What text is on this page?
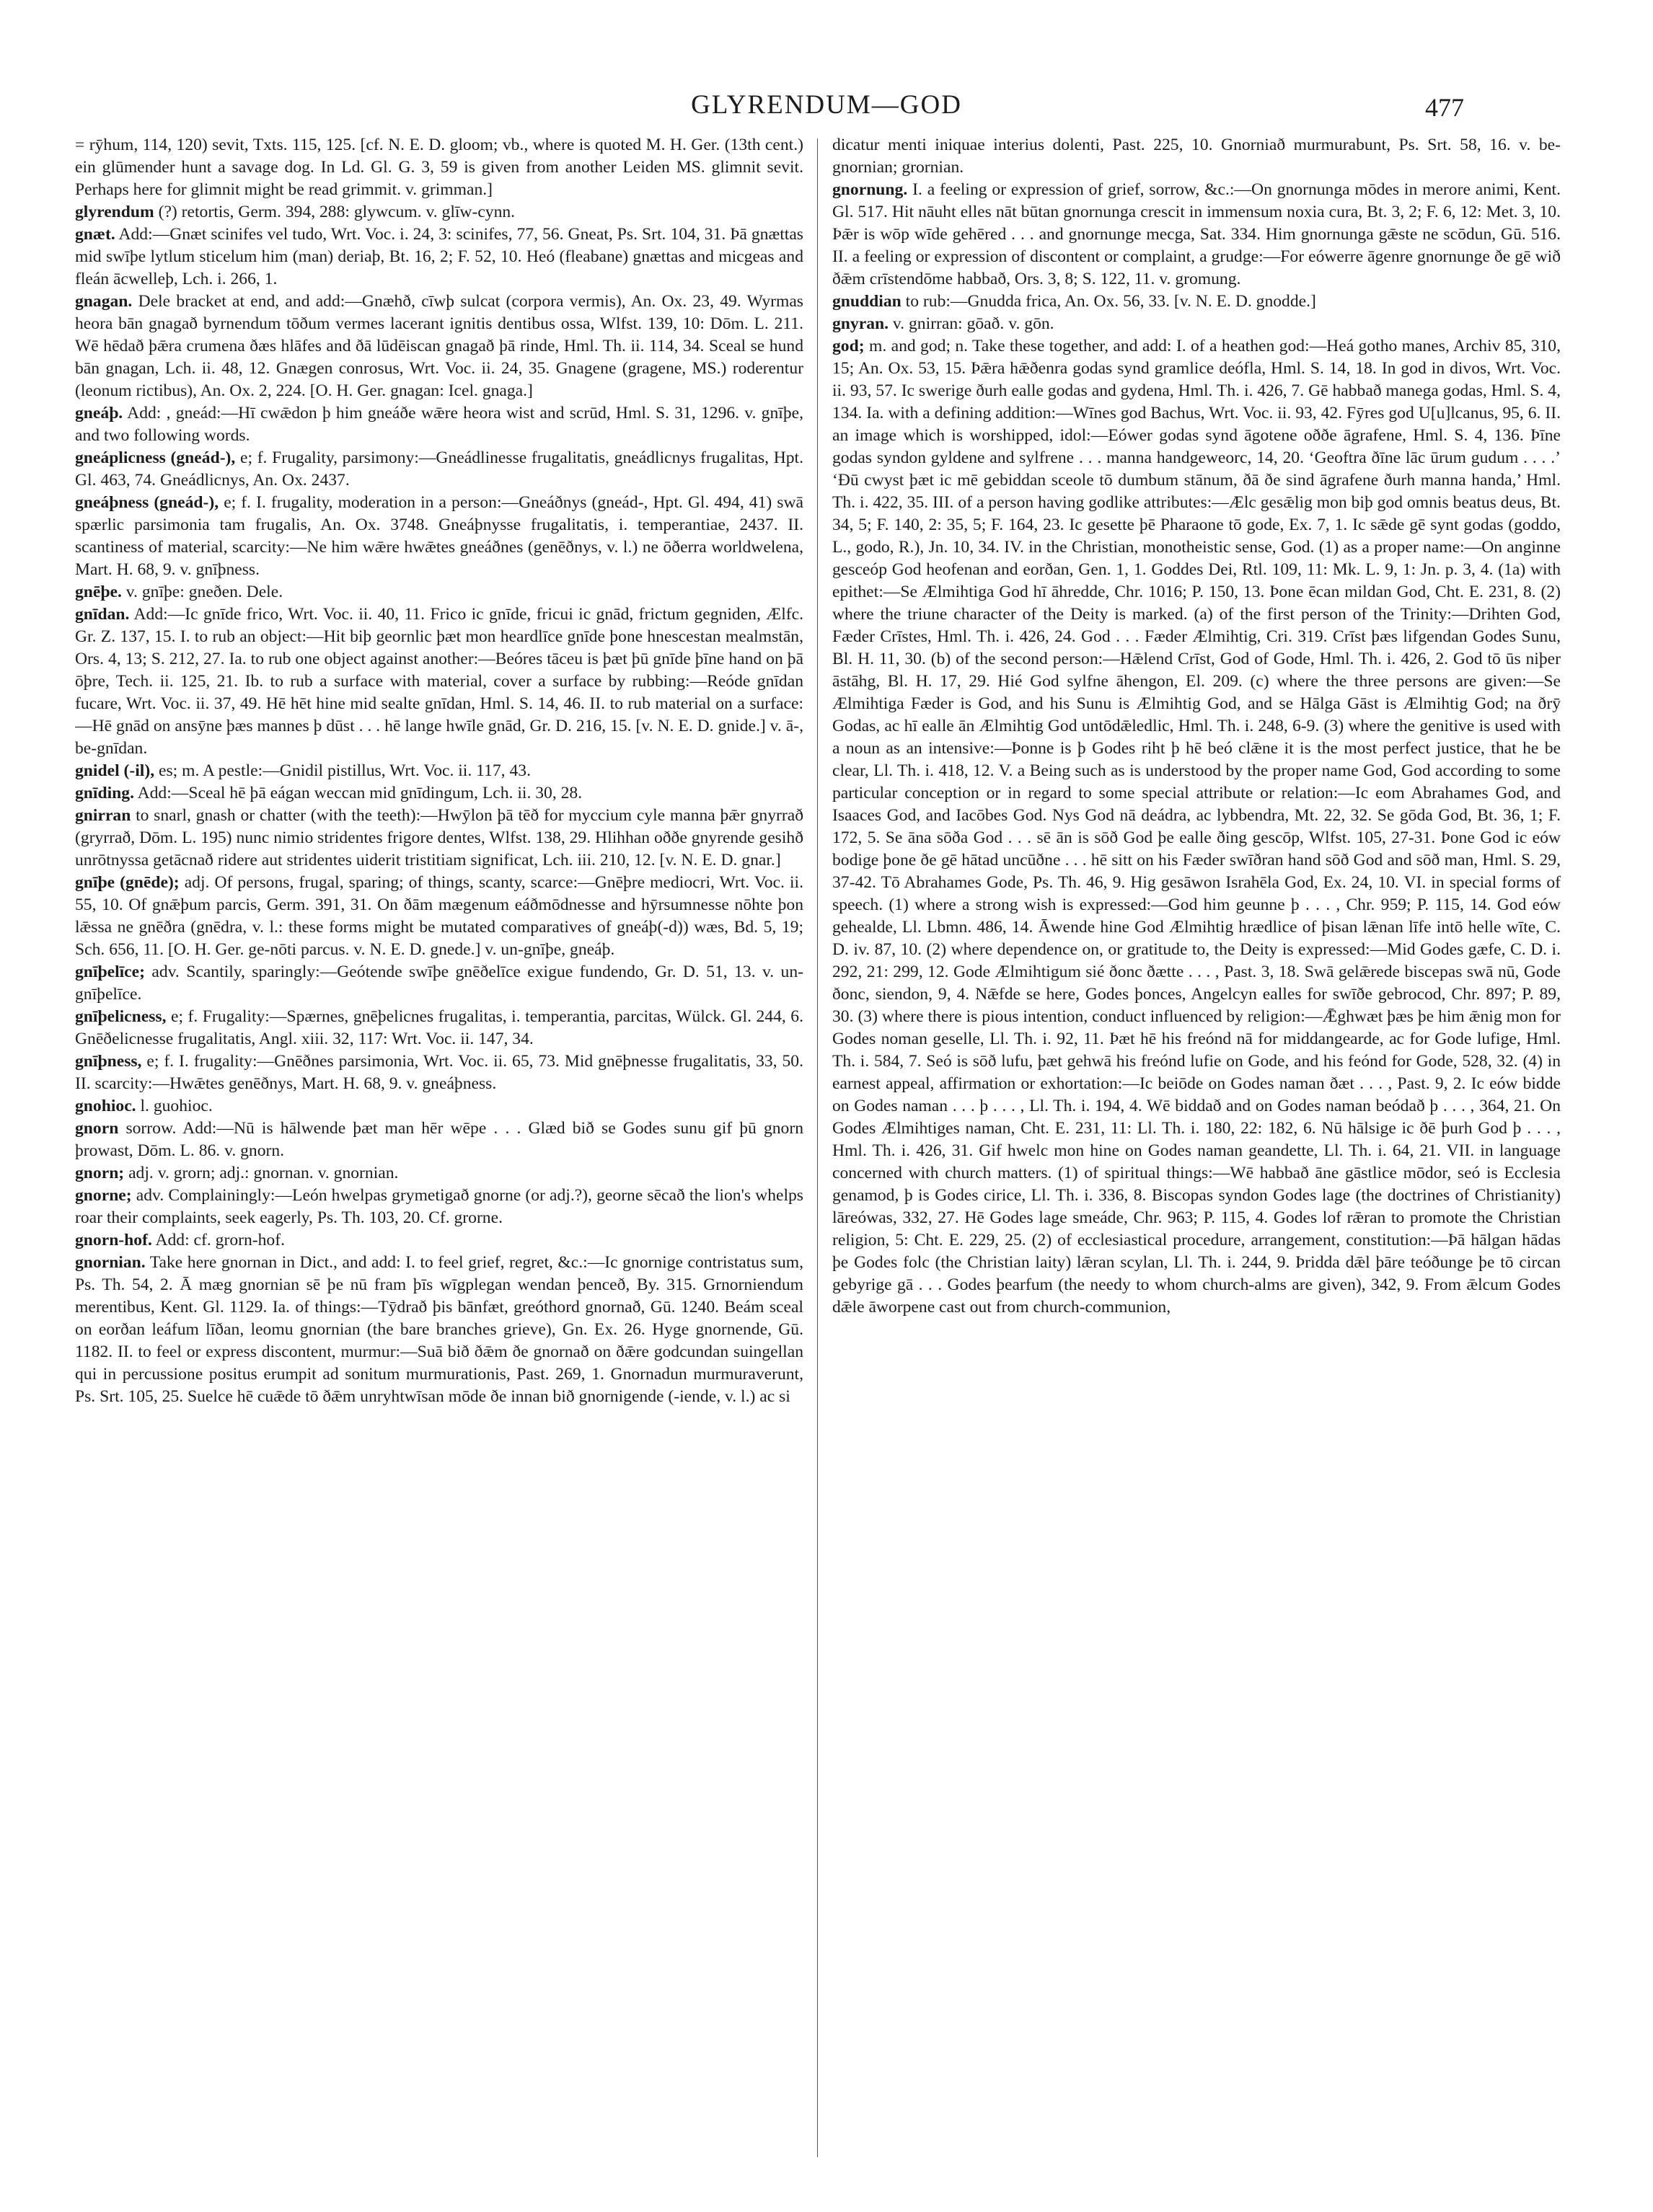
GLYRENDUM—GOD	477

= rȳhum, 114, 120) sevit, Txts. 115, 125. [cf. N. E. D. gloom; vb., where is quoted M. H. Ger. (13th cent.) ein glūmender hunt a savage dog. In Ld. Gl. G. 3, 59 is given from another Leiden MS. glimnit sevit. Perhaps here for glimnit might be read grimmit. v. grimman.]

glyrendum (?) retortis, Germ. 394, 288: glywcum. v. glīw-cynn.

gnæt. Add:—Gnæt scinifes vel tudo, Wrt. Voc. i. 24, 3: scinifes, 77, 56. Gneat, Ps. Srt. 104, 31. Þā gnættas mid swīþe lytlum sticelum him (man) deriaþ, Bt. 16, 2; F. 52, 10. Heó (fleabane) gnættas and micgeas and fleán ācwelleþ, Lch. i. 266, 1.

gnagan. Dele bracket at end, and add:—Gnæhð, cīwþ sulcat (corpora vermis), An. Ox. 23, 49. Wyrmas heora bān gnagað byrnendum tōðum vermes lacerant ignitis dentibus ossa, Wlfst. 139, 10: Dōm. L. 211. Wē hēdað þǣra crumena ðæs hlāfes and ðā lūdēiscan gnagað þā rinde, Hml. Th. ii. 114, 34. Sceal se hund bān gnagan, Lch. ii. 48, 12. Gnægen conrosus, Wrt. Voc. ii. 24, 35. Gnagene (gragene, MS.) roderentur (leonum rictibus), An. Ox. 2, 224. [O. H. Ger. gnagan: Icel. gnaga.]

gneáþ. Add: , gneád:—Hī cwǣdon þ him gneáðe wǣre heora wist and scrūd, Hml. S. 31, 1296. v. gnīþe, and two following words.

gneáplicness (gneád-), e; f. Frugality, parsimony:—Gneádlinesse frugalitatis, gneádlicnys frugalitas, Hpt. Gl. 463, 74. Gneádlicnys, An. Ox. 2437.

gneáþness (gneád-), e; f. I. frugality, moderation in a person:—Gneáðnys (gneád-, Hpt. Gl. 494, 41) swā spærlic parsimonia tam frugalis, An. Ox. 3748. Gneáþnysse frugalitatis, i. temperantiae, 2437. II. scantiness of material, scarcity:—Ne him wǣre hwǣtes gneáðnes (genēðnys, v. l.) ne ōðerra worldwelena, Mart. H. 68, 9. v. gnīþness.

gnēþe. v. gnīþe: gneðen. Dele.

gnīdan. Add:—Ic gnīde frico, Wrt. Voc. ii. 40, 11. Frico ic gnīde, fricui ic gnād, frictum gegniden, Ælfc. Gr. Z. 137, 15. I. to rub an object:—Hit biþ geornlic þæt mon heardlīce gnīde þone hnescestan mealmstān, Ors. 4, 13; S. 212, 27. Ia. to rub one object against another:—Beóres tāceu is þæt þū gnīde þīne hand on þā ōþre, Tech. ii. 125, 21. Ib. to rub a surface with material, cover a surface by rubbing:—Reóde gnīdan fucare, Wrt. Voc. ii. 37, 49. Hē hēt hine mid sealte gnīdan, Hml. S. 14, 46. II. to rub material on a surface:—Hē gnād on ansȳne þæs mannes þ dūst . . . hē lange hwīle gnād, Gr. D. 216, 15. [v. N. E. D. gnide.] v. ā-, be-gnīdan.

gnidel (-il), es; m. A pestle:—Gnidil pistillus, Wrt. Voc. ii. 117, 43.

gnīding. Add:—Sceal hē þā eágan weccan mid gnīdingum, Lch. ii. 30, 28.

gnirran to snarl, gnash or chatter (with the teeth):—Hwȳlon þā tēð for myccium cyle manna þǣr gnyrrað (gryrrað, Dōm. L. 195) nunc nimio stridentes frigore dentes, Wlfst. 138, 29. Hlihhan oððe gnyrende gesihð unrōtnyssa getācnað ridere aut stridentes uiderit tristitiam significat, Lch. iii. 210, 12. [v. N. E. D. gnar.]

gnīþe (gnēde); adj. Of persons, frugal, sparing; of things, scanty, scarce:—Gnēþre mediocri, Wrt. Voc. ii. 55, 10. Of gnǣþum parcis, Germ. 391, 31. On ðām mægenum eáðmōdnesse and hȳrsumnesse nōhte þon lǣssa ne gnēðra (gnēdra, v. l.: these forms might be mutated comparatives of gneáþ(-d)) wæs, Bd. 5, 19; Sch. 656, 11. [O. H. Ger. ge-nōti parcus. v. N. E. D. gnede.] v. un-gnīþe, gneáþ.

gnīþelīce; adv. Scantily, sparingly:—Geótende swīþe gnēðelīce exigue fundendo, Gr. D. 51, 13. v. un-gnīþelīce.

gnīþelicness, e; f. Frugality:—Spærnes, gnēþelicnes frugalitas, i. temperantia, parcitas, Wülck. Gl. 244, 6. Gnēðelicnesse frugalitatis, Angl. xiii. 32, 117: Wrt. Voc. ii. 147, 34.

gnīþness, e; f. I. frugality:—Gnēðnes parsimonia, Wrt. Voc. ii. 65, 73. Mid gnēþnesse frugalitatis, 33, 50. II. scarcity:—Hwǣtes genēðnys, Mart. H. 68, 9. v. gneáþness.

gnohioc. l. guohioc.

gnorn sorrow. Add:—Nū is hālwende þæt man hēr wēpe . . . Glæd bið se Godes sunu gif þū gnorn þrowast, Dōm. L. 86. v. gnorn.

gnorn; adj. v. grorn; adj.: gnornan. v. gnornian.

gnorne; adv. Complainingly:—León hwelpas grymetigað gnorne (or adj.?), georne sēcað the lion's whelps roar their complaints, seek eagerly, Ps. Th. 103, 20. Cf. grorne.

gnorn-hof. Add: cf. grorn-hof.

gnornian. Take here gnornan in Dict., and add: I. to feel grief, regret, &c.:—Ic gnornige contristatus sum, Ps. Th. 54, 2. Ā mæg gnornian sē þe nū fram þīs wīgplegan wendan þenceð, By. 315. Grnorniendum merentibus, Kent. Gl. 1129. Ia. of things:—Tȳdrað þis bānfæt, greóthord gnornað, Gū. 1240. Beám sceal on eorðan leáfum līðan, leomu gnornian (the bare branches grieve), Gn. Ex. 26. Hyge gnornende, Gū. 1182. II. to feel or express discontent, murmur:—Suā bið ðǣm ðe gnornað on ðǣre godcundan suingellan qui in percussione positus erumpit ad sonitum murmurationis, Past. 269, 1. Gnornadun murmuraverunt, Ps. Srt. 105, 25. Suelce hē cuǣde tō ðǣm unryhtwīsan mōde ðe innan bið gnornigende (-iende, v. l.) ac si

dicatur menti iniquae interius dolenti, Past. 225, 10. Gnorniað murmurabunt, Ps. Srt. 58, 16. v. be-gnornian; grornian.

gnornung. I. a feeling or expression of grief, sorrow, &c.:—On gnornunga mōdes in merore animi, Kent. Gl. 517. Hit nāuht elles nāt būtan gnornunga crescit in immensum noxia cura, Bt. 3, 2; F. 6, 12: Met. 3, 10. Þǣr is wōp wīde gehēred . . . and gnornunge mecga, Sat. 334. Him gnornunga gǣste ne scōdun, Gū. 516. II. a feeling or expression of discontent or complaint, a grudge:—For eówerre āgenre gnornunge ðe gē wið ðǣm crīstendōme habbað, Ors. 3, 8; S. 122, 11. v. gromung.

gnuddian to rub:—Gnudda frica, An. Ox. 56, 33. [v. N. E. D. gnodde.]

gnyran. v. gnirran: gōað. v. gōn.

god; m. and god; n. Take these together, and add: I. of a heathen god:—Heá gotho manes, Archiv 85, 310, 15; An. Ox. 53, 15. Þǣra hǣðenra godas synd gramlice deófla, Hml. S. 14, 18. In god in divos, Wrt. Voc. ii. 93, 57. Ic swerige ðurh ealle godas and gydena, Hml. Th. i. 426, 7. Gē habbað manega godas, Hml. S. 4, 134. Ia. with a defining addition:—Wīnes god Bachus, Wrt. Voc. ii. 93, 42. Fȳres god U[u]lcanus, 95, 6. II. an image which is worshipped, idol:—Eówer godas synd āgotene oððe āgrafene, Hml. S. 4, 136. Þīne godas syndon gyldene and sylfrene . . . manna handgeweorc, 14, 20. ‘Geoftra ðīne lāc ūrum gudum . . . .’ ‘Ðū cwyst þæt ic mē gebiddan sceole tō dumbum stānum, ðā ðe sind āgrafene ðurh manna handa,’ Hml. Th. i. 422, 35. III. of a person having godlike attributes:—Ælc gesǣlig mon biþ god omnis beatus deus, Bt. 34, 5; F. 140, 2: 35, 5; F. 164, 23. Ic gesette þē Pharaone tō gode, Ex. 7, 1. Ic sǣde gē synt godas (goddo, L., godo, R.), Jn. 10, 34. IV. in the Christian, monotheistic sense, God. (1) as a proper name:—On anginne gesceóp God heofenan and eorðan, Gen. 1, 1. Goddes Dei, Rtl. 109, 11: Mk. L. 9, 1: Jn. p. 3, 4. (1a) with epithet:—Se Ælmihtiga God hī āhredde, Chr. 1016; P. 150, 13. Þone ēcan mildan God, Cht. E. 231, 8. (2) where the triune character of the Deity is marked. (a) of the first person of the Trinity:—Drihten God, Fæder Crīstes, Hml. Th. i. 426, 24. God . . . Fæder Ælmihtig, Cri. 319. Crīst þæs lifgendan Godes Sunu, Bl. H. 11, 30. (b) of the second person:—Hǣlend Crīst, God of Gode, Hml. Th. i. 426, 2. God tō ūs niþer āstāhg, Bl. H. 17, 29. Hié God sylfne āhengon, El. 209. (c) where the three persons are given:—Se Ælmihtiga Fæder is God, and his Sunu is Ælmihtig God, and se Hālga Gāst is Ælmihtig God; na ðrȳ Godas, ac hī ealle ān Ælmihtig God untōdǣledlic, Hml. Th. i. 248, 6-9. (3) where the genitive is used with a noun as an intensive:—Þonne is þ Godes riht þ hē beó clǣne it is the most perfect justice, that he be clear, Ll. Th. i. 418, 12. V. a Being such as is understood by the proper name God, God according to some particular conception or in regard to some special attribute or relation:—Ic eom Abrahames God, and Isaaces God, and Iacōbes God. Nys God nā deádra, ac lybbendra, Mt. 22, 32. Se gōda God, Bt. 36, 1; F. 172, 5. Se āna sōða God . . . sē ān is sōð God þe ealle ðing gescōp, Wlfst. 105, 27-31. Þone God ic eów bodige þone ðe gē hātad uncūðne . . . hē sitt on his Fæder swīðran hand sōð God and sōð man, Hml. S. 29, 37-42. Tō Abrahames Gode, Ps. Th. 46, 9. Hig gesāwon Israhēla God, Ex. 24, 10. VI. in special forms of speech. (1) where a strong wish is expressed:—God him geunne þ . . . , Chr. 959; P. 115, 14. God eów gehealde, Ll. Lbmn. 486, 14. Āwende hine God Ælmihtig hrædlice of þisan lǣnan līfe intō helle wīte, C. D. iv. 87, 10. (2) where dependence on, or gratitude to, the Deity is expressed:—Mid Godes gæfe, C. D. i. 292, 21: 299, 12. Gode Ælmihtigum sié ðonc ðætte . . . , Past. 3, 18. Swā gelǣrede biscepas swā nū, Gode ðonc, siendon, 9, 4. Nǣfde se here, Godes þonces, Angelcyn ealles for swīðe gebrocod, Chr. 897; P. 89, 30. (3) where there is pious intention, conduct influenced by religion:—Ǣghwæt þæs þe him ǣnig mon for Godes noman geselle, Ll. Th. i. 92, 11. Þæt hē his freónd nā for middangearde, ac for Gode lufige, Hml. Th. i. 584, 7. Seó is sōð lufu, þæt gehwā his freónd lufie on Gode, and his feónd for Gode, 528, 32. (4) in earnest appeal, affirmation or exhortation:—Ic beiōde on Godes naman ðæt . . . , Past. 9, 2. Ic eów bidde on Godes naman . . . þ . . . , Ll. Th. i. 194, 4. Wē biddað and on Godes naman beódað þ . . . , 364, 21. On Godes Ælmihtiges naman, Cht. E. 231, 11: Ll. Th. i. 180, 22: 182, 6. Nū hālsige ic ðē þurh God þ . . . , Hml. Th. i. 426, 31. Gif hwelc mon hine on Godes naman geandette, Ll. Th. i. 64, 21. VII. in language concerned with church matters. (1) of spiritual things:—Wē habbað āne gāstlice mōdor, seó is Ecclesia genamod, þ is Godes cirice, Ll. Th. i. 336, 8. Biscopas syndon Godes lage (the doctrines of Christianity) lāreówas, 332, 27. Hē Godes lage smeáde, Chr. 963; P. 115, 4. Godes lof rǣran to promote the Christian religion, 5: Cht. E. 229, 25. (2) of ecclesiastical procedure, arrangement, constitution:—Þā hālgan hādas þe Godes folc (the Christian laity) lǣran scylan, Ll. Th. i. 244, 9. Þridda dǣl þāre teóðunge þe tō circan gebyrige gā . . . Godes þearfum (the needy to whom church-alms are given), 342, 9. From ǣlcum Godes dǣle āworpene cast out from church-communion,
